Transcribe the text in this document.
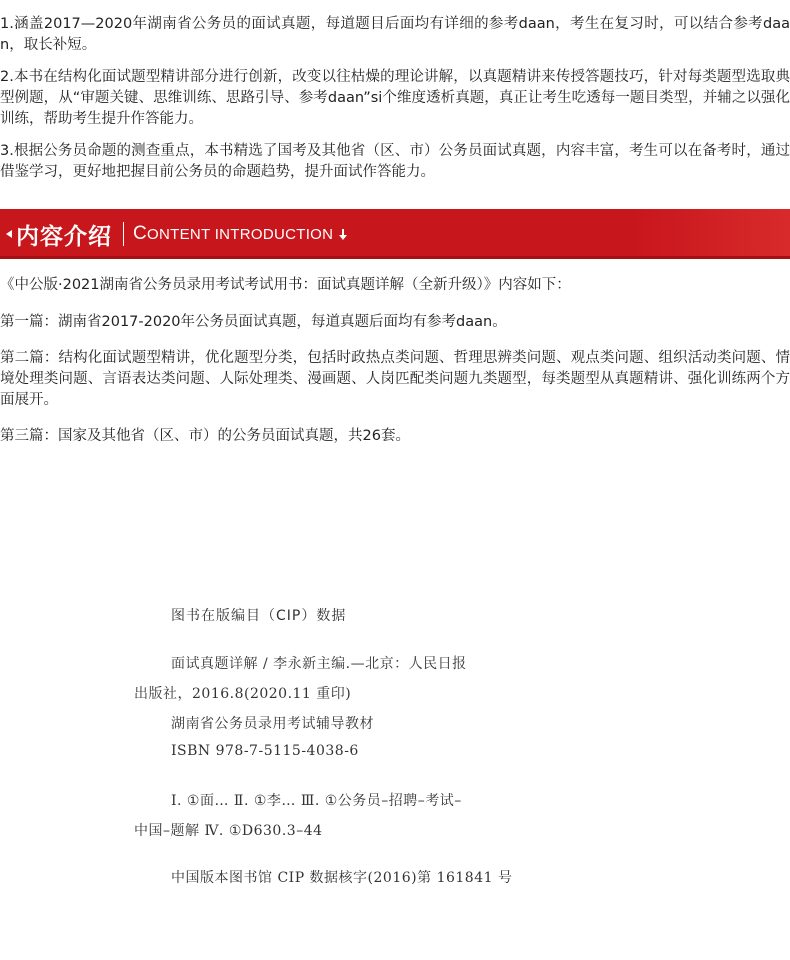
1.涵盖2017—2020年湖南省公务员的面试真题，每道题目后面均有详细的参考daan，考生在复习时，可以结合参考daan，取长补短。

2.本书在结构化面试题型精讲部分进行创新，改变以往枯燥的理论讲解，以真题精讲来传授答题技巧，针对每类题型选取典型例题，从“审题关键、思维训练、思路引导、参考daan”si个维度透析真题，真正让考生吃透每一题目类型，并辅之以强化训练，帮助考生提升作答能力。

3.根据公务员命题的测查重点，本书精选了国考及其他省（区、市）公务员面试真题，内容丰富，考生可以在备考时，通过借鉴学习，更好地把握目前公务员的命题趋势，提升面试作答能力。

内容介绍 C ONTENT INTRODUCTION

《中公版·2021湖南省公务员录用考试考试用书：面试真题详解（全新升级）》内容如下：

第一篇：湖南省2017-2020年公务员面试真题，每道真题后面均有参考daan。

第二篇：结构化面试题型精讲，优化题型分类，包括时政热点类问题、哲理思辨类问题、观点类问题、组织活动类问题、情境处理类问题、言语表达类问题、人际处理类、漫画题、人岗匹配类问题九类题型，每类题型从真题精讲、强化训练两个方面展开。

第三篇：国家及其他省（区、市）的公务员面试真题，共26套。

图书在版编目（CIP）数据
面试真题详解 / 李永新主编.—北京：人民日报
出版社，2016.8(2020.11 重印)
湖南省公务员录用考试辅导教材
ISBN 978-7-5115-4038-6
Ⅰ. ①面… Ⅱ. ①李… Ⅲ. ①公务员–招聘–考试–
中国–题解 Ⅳ. ①D630.3–44
中国版本图书馆 CIP 数据核字(2016)第 161841 号
